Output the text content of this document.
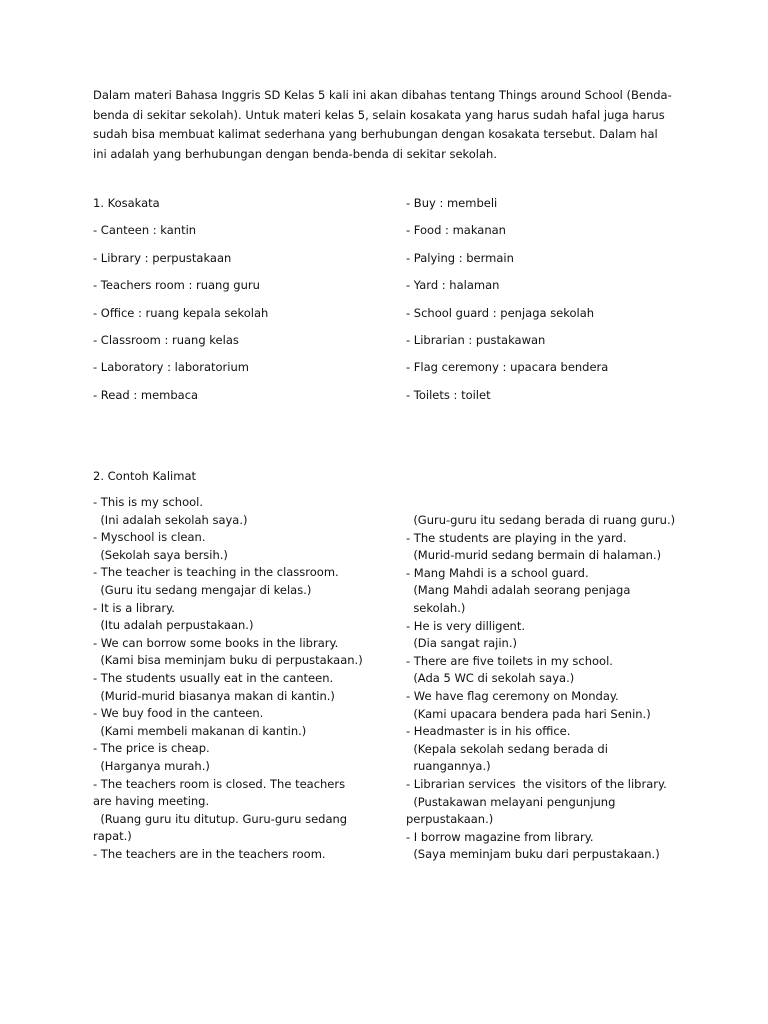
Dalam materi Bahasa Inggris SD Kelas 5 kali ini akan dibahas tentang Things around School (Benda-benda di sekitar sekolah). Untuk materi kelas 5, selain kosakata yang harus sudah hafal juga harus sudah bisa membuat kalimat sederhana yang berhubungan dengan kosakata tersebut. Dalam hal ini adalah yang berhubungan dengan benda-benda di sekitar sekolah.

1. Kosakata
- Canteen : kantin
- Library : perpustakaan
- Teachers room : ruang guru
- Office : ruang kepala sekolah
- Classroom : ruang kelas
- Laboratory : laboratorium
- Read : membaca
- Buy : membeli
- Food : makanan
- Palying : bermain
- Yard : halaman
- School guard : penjaga sekolah
- Librarian : pustakawan
- Flag ceremony : upacara bendera
- Toilets : toilet

2. Contoh Kalimat

- This is my school.
(Ini adalah sekolah saya.)
- Myschool is clean.
(Sekolah saya bersih.)
- The teacher is teaching in the classroom.
(Guru itu sedang mengajar di kelas.)
- It is a library.
(Itu adalah perpustakaan.)
- We can borrow some books in the library.
(Kami bisa meminjam buku di perpustakaan.)
- The students usually eat in the canteen.
(Murid-murid biasanya makan di kantin.)
- We buy food in the canteen.
(Kami membeli makanan di kantin.)
- The price is cheap.
(Harganya murah.)
- The teachers room is closed. The teachers
are having meeting.
(Ruang guru itu ditutup. Guru-guru sedang
rapat.)
- The teachers are in the teachers room.
(Guru-guru itu sedang berada di ruang guru.)
- The students are playing in the yard.
(Murid-murid sedang bermain di halaman.)
- Mang Mahdi is a school guard.
(Mang Mahdi adalah seorang penjaga
sekolah.)
- He is very dilligent.
(Dia sangat rajin.)
- There are five toilets in my school.
(Ada 5 WC di sekolah saya.)
- We have flag ceremony on Monday.
(Kami upacara bendera pada hari Senin.)
- Headmaster is in his office.
(Kepala sekolah sedang berada di
ruangannya.)
- Librarian services  the visitors of the library.
(Pustakawan melayani pengunjung
perpustakaan.)
- I borrow magazine from library.
(Saya meminjam buku dari perpustakaan.)
